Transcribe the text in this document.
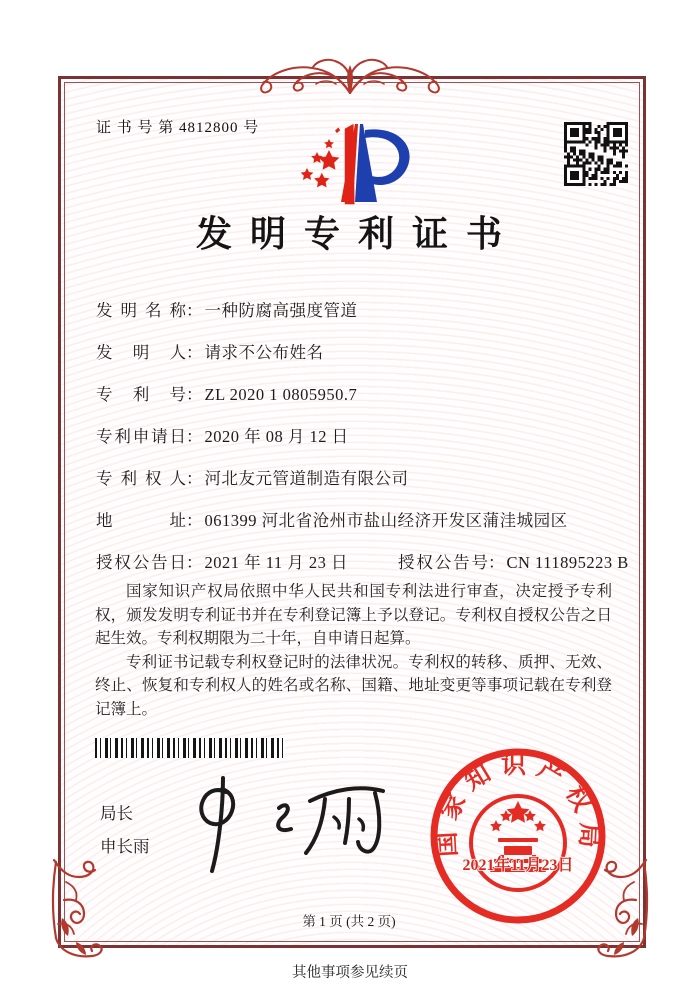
证 书 号 第 4812800 号
发明专利证书
发明名称： 一种防腐高强度管道
发明人： 请求不公布姓名
专利号： ZL 2020 1 0805950.7
专利申请日： 2020 年 08 月 12 日
专利权人： 河北友元管道制造有限公司
地址： 061399 河北省沧州市盐山经济开发区蒲洼城园区
授权公告日： 2021 年 11 月 23 日	授权公告号： CN 111895223 B

国家知识产权局依照中华人民共和国专利法进行审查，决定授予专利权，颁发发明专利证书并在专利登记簿上予以登记。专利权自授权公告之日起生效。专利权期限为二十年，自申请日起算。

专利证书记载专利权登记时的法律状况。专利权的转移、质押、无效、终止、恢复和专利权人的姓名或名称、国籍、地址变更等事项记载在专利登记簿上。

局长
申长雨	国家知识产权局
2021年11月23日
第 1 页 (共 2 页)
其他事项参见续页
